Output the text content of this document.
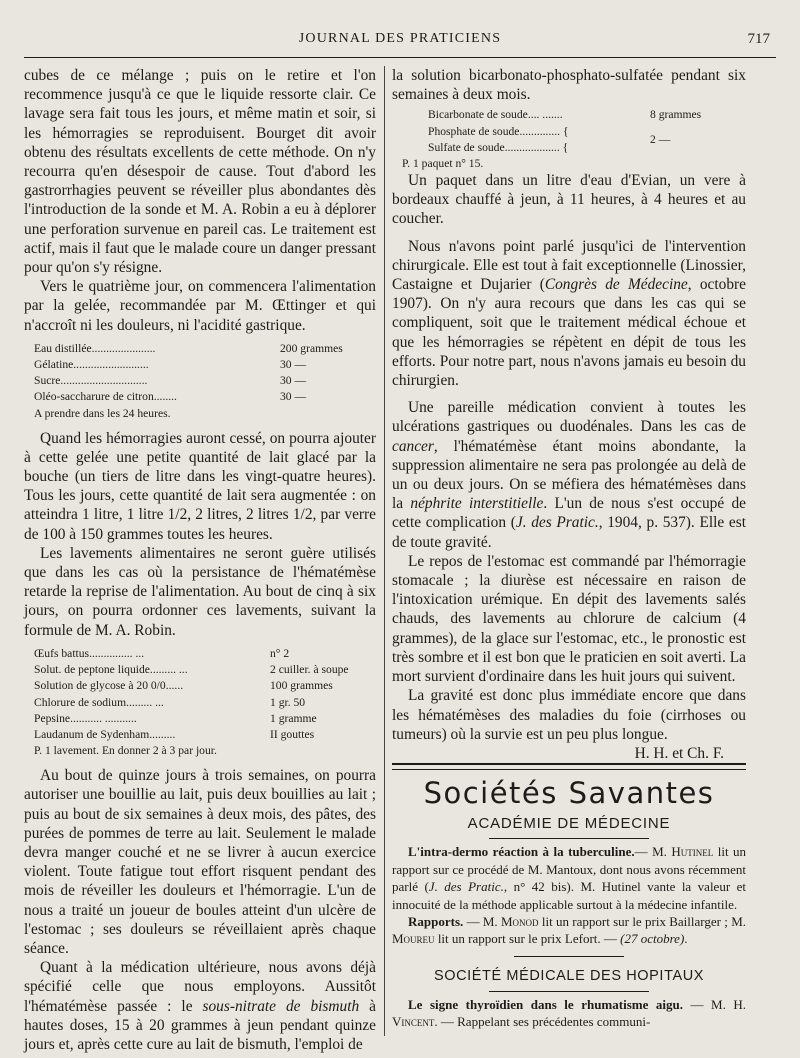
JOURNAL DES PRATICIENS	717

cubes de ce mélange ; puis on le retire et l'on recommence jusqu'à ce que le liquide ressorte clair. Ce lavage sera fait tous les jours, et même matin et soir, si les hémorragies se reproduisent. Bourget dit avoir obtenu des résultats excellents de cette méthode. On n'y recourra qu'en désespoir de cause. Tout d'abord les gastrorrhagies peuvent se réveiller plus abondantes dès l'introduction de la sonde et M. A. Robin a eu à déplorer une perforation survenue en pareil cas. Le traitement est actif, mais il faut que le malade coure un danger pressant pour qu'on s'y résigne.

Vers le quatrième jour, on commencera l'alimentation par la gelée, recommandée par M. Œttinger et qui n'accroît ni les douleurs, ni l'acidité gastrique.

Eau distillée......................	200 grammes
Gélatine..........................	30 —
Sucre..............................	30 —
Oléo-saccharure de citron........	30 —
A prendre dans les 24 heures.

Quand les hémorragies auront cessé, on pourra ajouter à cette gelée une petite quantité de lait glacé par la bouche (un tiers de litre dans les vingt-quatre heures). Tous les jours, cette quantité de lait sera augmentée : on atteindra 1 litre, 1 litre 1/2, 2 litres, 2 litres 1/2, par verre de 100 à 150 grammes toutes les heures.

Les lavements alimentaires ne seront guère utilisés que dans les cas où la persistance de l'hématémèse retarde la reprise de l'alimentation. Au bout de cinq à six jours, on pourra ordonner ces lavements, suivant la formule de M. A. Robin.

Œufs battus............... ...	n° 2
Solut. de peptone liquide......... ...	2 cuiller. à soupe
Solution de glycose à 20 0/0......	100 grammes
Chlorure de sodium......... ...	1 gr. 50
Pepsine........... ...........	1 gramme
Laudanum de Sydenham.........	II gouttes
P. 1 lavement. En donner 2 à 3 par jour.

Au bout de quinze jours à trois semaines, on pourra autoriser une bouillie au lait, puis deux bouillies au lait ; puis au bout de six semaines à deux mois, des pâtes, des purées de pommes de terre au lait. Seulement le malade devra manger couché et ne se livrer à aucun exercice violent. Toute fatigue tout effort risquent pendant des mois de réveiller les douleurs et l'hémorragie. L'un de nous a traité un joueur de boules atteint d'un ulcère de l'estomac ; ses douleurs se réveillaient après chaque séance.

Quant à la médication ultérieure, nous avons déjà spécifié celle que nous employons. Aussitôt l'hématémèse passée : le sous-nitrate de bismuth à hautes doses, 15 à 20 grammes à jeun pendant quinze jours et, après cette cure au lait de bismuth, l'emploi de

la solution bicarbonato-phosphato-sulfatée pendant six semaines à deux mois.

Bicarbonate de soude.... .......	8 grammes
Phosphate de soude.............. {	2 —
Sulfate de soude................... {	
P. 1 paquet n° 15.

Un paquet dans un litre d'eau d'Evian, un vere à bordeaux chauffé à jeun, à 11 heures, à 4 heures et au coucher.

Nous n'avons point parlé jusqu'ici de l'intervention chirurgicale. Elle est tout à fait exceptionnelle (Linossier, Castaigne et Dujarier (Congrès de Médecine, octobre 1907). On n'y aura recours que dans les cas qui se compliquent, soit que le traitement médical échoue et que les hémorragies se répètent en dépit de tous les efforts. Pour notre part, nous n'avons jamais eu besoin du chirurgien.

Une pareille médication convient à toutes les ulcérations gastriques ou duodénales. Dans les cas de cancer, l'hématémèse étant moins abondante, la suppression alimentaire ne sera pas prolongée au delà de un ou deux jours. On se méfiera des hématémèses dans la néphrite interstitielle. L'un de nous s'est occupé de cette complication (J. des Pratic., 1904, p. 537). Elle est de toute gravité.

Le repos de l'estomac est commandé par l'hémorragie stomacale ; la diurèse est nécessaire en raison de l'intoxication urémique. En dépit des lavements salés chauds, des lavements au chlorure de calcium (4 grammes), de la glace sur l'estomac, etc., le pronostic est très sombre et il est bon que le praticien en soit averti. La mort survient d'ordinaire dans les huit jours qui suivent.

La gravité est donc plus immédiate encore que dans les hématémèses des maladies du foie (cirrhoses ou tumeurs) où la survie est un peu plus longue.
H. H. et Ch. F.

Sociétés Savantes
ACADÉMIE DE MÉDECINE

L'intra-dermo réaction à la tuberculine.— M. Hutinel lit un rapport sur ce procédé de M. Mantoux, dont nous avons récemment parlé (J. des Pratic., n° 42 bis). M. Hutinel vante la valeur et innocuité de la méthode applicable surtout à la médecine infantile.

Rapports. — M. Monod lit un rapport sur le prix Baillarger ; M. Moureu lit un rapport sur le prix Lefort. — (27 octobre).

SOCIÉTÉ MÉDICALE DES HOPITAUX

Le signe thyroïdien dans le rhumatisme aigu. — M. H. Vincent. — Rappelant ses précédentes communi-
